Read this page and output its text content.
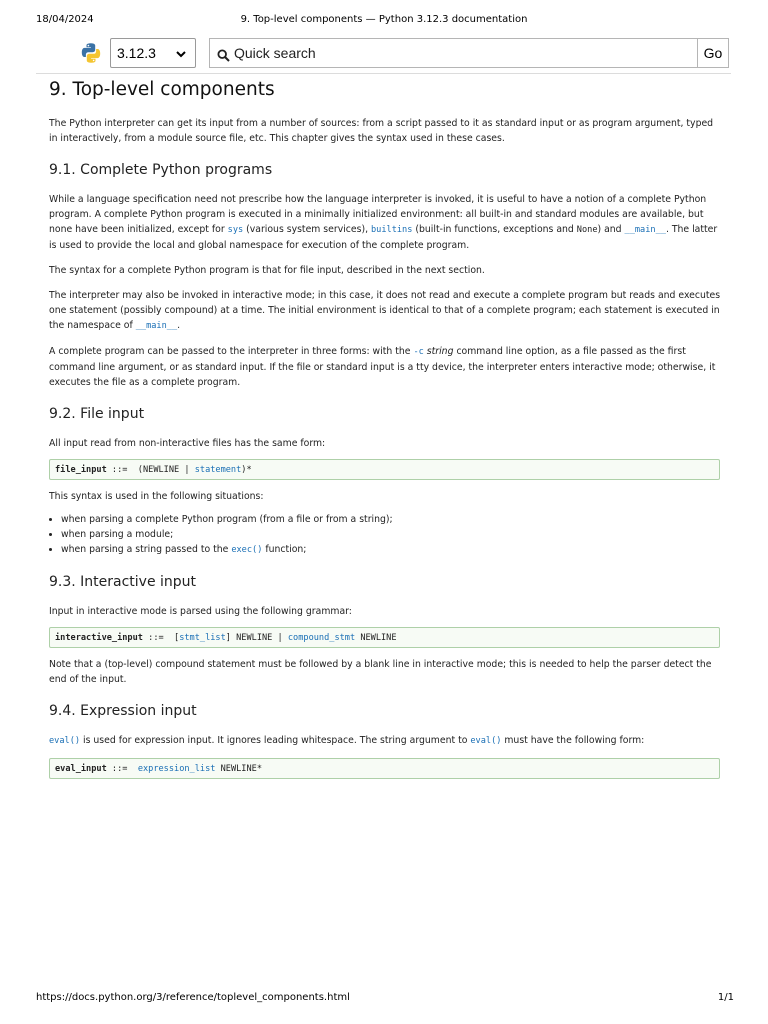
18/04/2024	9. Top-level components — Python 3.12.3 documentation
3.12.3
Quick search	Go
9. Top-level components

The Python interpreter can get its input from a number of sources: from a script passed to it as standard input or as program argument, typed in interactively, from a module source file, etc. This chapter gives the syntax used in these cases.

9.1. Complete Python programs

While a language specification need not prescribe how the language interpreter is invoked, it is useful to have a notion of a complete Python program. A complete Python program is executed in a minimally initialized environment: all built-in and standard modules are available, but none have been initialized, except for sys (various system services), builtins (built-in functions, exceptions and None) and __main__. The latter is used to provide the local and global namespace for execution of the complete program.

The syntax for a complete Python program is that for file input, described in the next section.

The interpreter may also be invoked in interactive mode; in this case, it does not read and execute a complete program but reads and executes one statement (possibly compound) at a time. The initial environment is identical to that of a complete program; each statement is executed in the namespace of __main__.

A complete program can be passed to the interpreter in three forms: with the -c string command line option, as a file passed as the first command line argument, or as standard input. If the file or standard input is a tty device, the interpreter enters interactive mode; otherwise, it executes the file as a complete program.

9.2. File input

All input read from non-interactive files has the same form:

file_input ::=  (NEWLINE | statement)*

This syntax is used in the following situations:

• when parsing a complete Python program (from a file or from a string);
• when parsing a module;
• when parsing a string passed to the exec() function;
9.3. Interactive input

Input in interactive mode is parsed using the following grammar:

interactive_input ::=  [stmt_list] NEWLINE | compound_stmt NEWLINE

Note that a (top-level) compound statement must be followed by a blank line in interactive mode; this is needed to help the parser detect the end of the input.

9.4. Expression input

eval() is used for expression input. It ignores leading whitespace. The string argument to eval() must have the following form:

eval_input ::=  expression_list NEWLINE*
https://docs.python.org/3/reference/toplevel_components.html	1/1
